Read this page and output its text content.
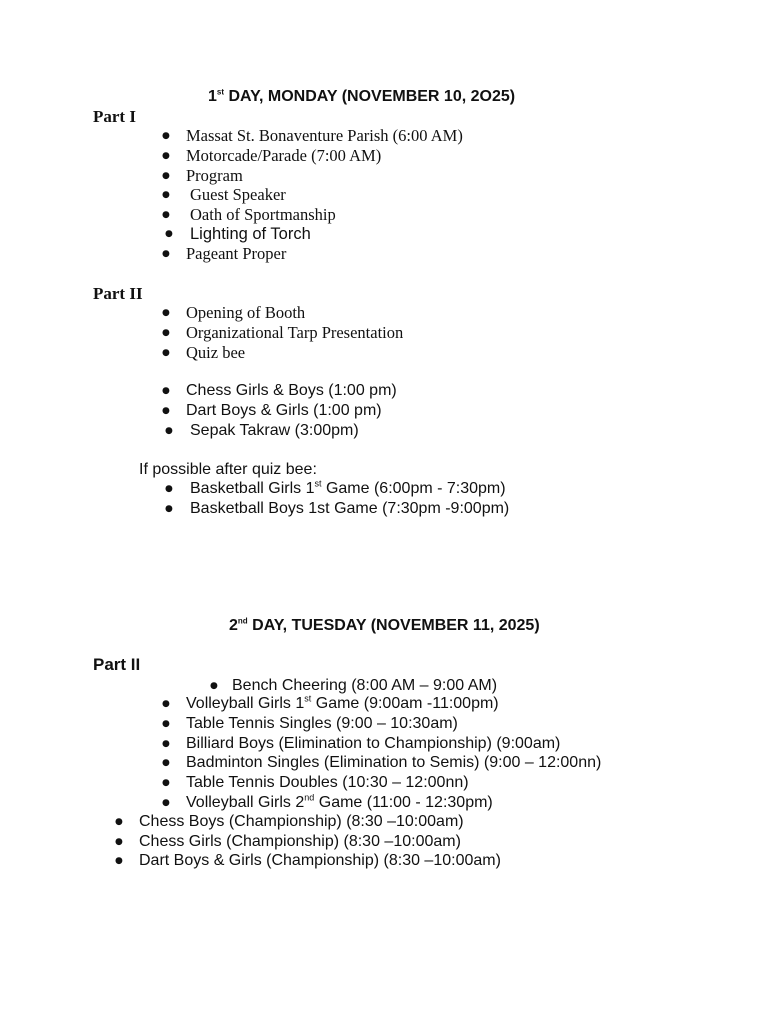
1st DAY, MONDAY (NOVEMBER 10, 2O25)
Part I
● Massat St. Bonaventure Parish (6:00 AM)
● Motorcade/Parade (7:00 AM)
● Program
● Guest Speaker
● Oath of Sportmanship
● Lighting of Torch
● Pageant Proper
Part II
● Opening of Booth
● Organizational Tarp Presentation
● Quiz bee
● Chess Girls & Boys (1:00 pm)
● Dart Boys & Girls (1:00 pm)
● Sepak Takraw (3:00pm)
If possible after quiz bee:
● Basketball Girls 1st Game (6:00pm - 7:30pm)
● Basketball Boys 1st Game (7:30pm -9:00pm)
2nd DAY, TUESDAY (NOVEMBER 11, 2025)
Part II
● Bench Cheering (8:00 AM – 9:00 AM)
● Volleyball Girls 1st Game (9:00am -11:00pm)
● Table Tennis Singles (9:00 – 10:30am)
● Billiard Boys (Elimination to Championship) (9:00am)
● Badminton Singles (Elimination to Semis) (9:00 – 12:00nn)
● Table Tennis Doubles (10:30 – 12:00nn)
● Volleyball Girls 2nd Game (11:00 - 12:30pm)
● Chess Boys (Championship) (8:30 –10:00am)
● Chess Girls (Championship) (8:30 –10:00am)
● Dart Boys & Girls (Championship) (8:30 –10:00am)
